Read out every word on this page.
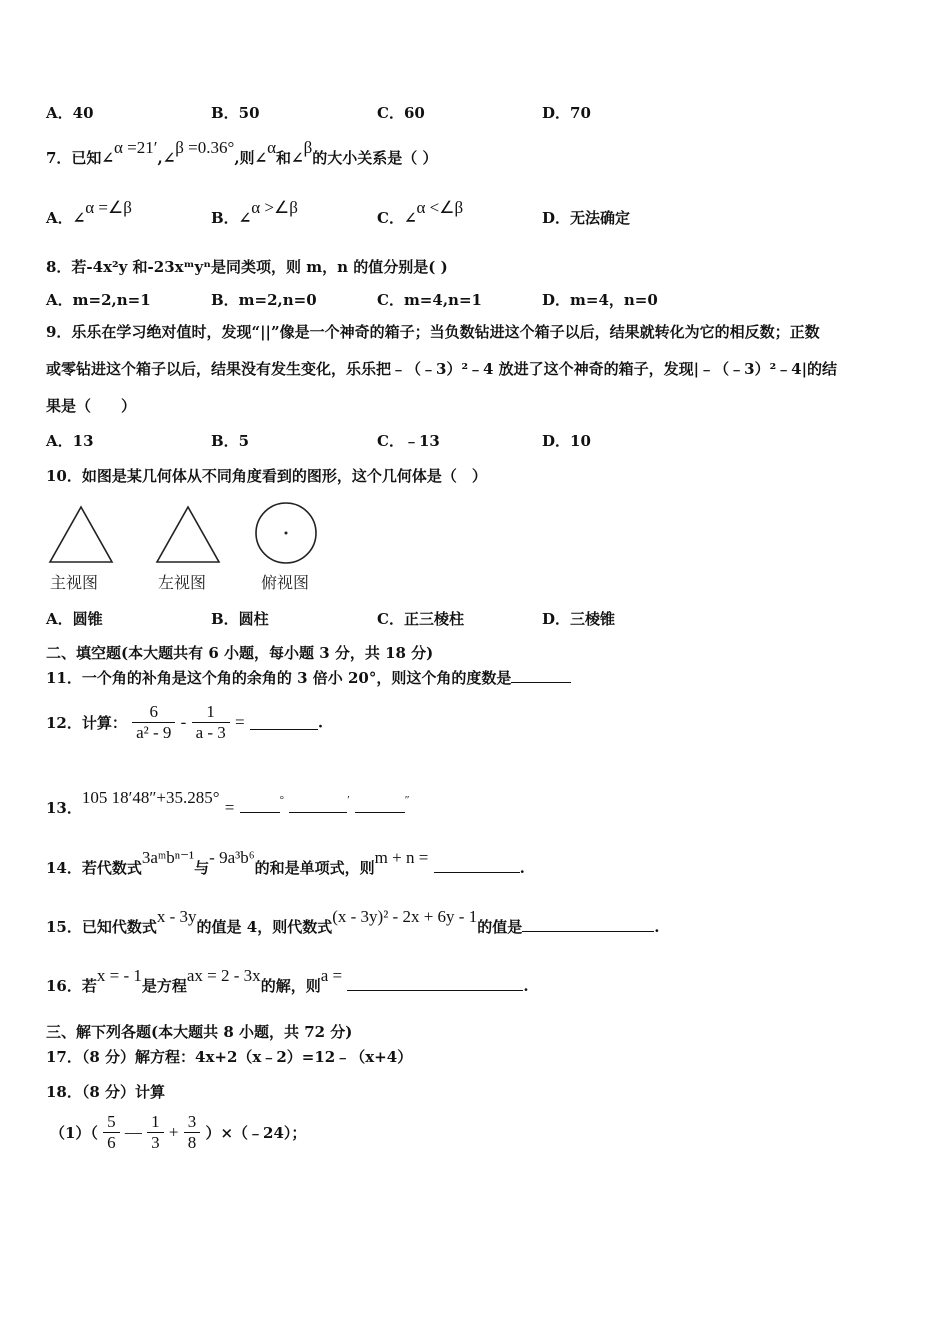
A．40	B．50	C．60	D．70
7．已知∠α =21′,∠β =0.36°,则∠α和∠β的大小关系是（ ）
A．∠α =∠β
B．∠α >∠β
C．∠α <∠β
D．无法确定
8．若-4x²y 和-23xᵐyⁿ是同类项，则 m，n 的值分别是( )
A．m=2,n=1	B．m=2,n=0	C．m=4,n=1	D．m=4，n=0
9．乐乐在学习绝对值时，发现“||”像是一个神奇的箱子；当负数钻进这个箱子以后，结果就转化为它的相反数；正数
或零钻进这个箱子以后，结果没有发生变化，乐乐把﹣（﹣3）²﹣4 放进了这个神奇的箱子，发现|﹣（﹣3）²﹣4|的结
果是（　　）
A．13	B．5	C．﹣13	D．10
10．如图是某几何体从不同角度看到的图形，这个几何体是（　）
主视图	左视图	俯视图
A．圆锥	B．圆柱	C．正三棱柱	D．三棱锥
二、填空题(本大题共有 6 小题，每小题 3 分，共 18 分)
11．一个角的补角是这个角的余角的 3 倍小 20°，则这个角的度数是
12．计算： $\frac{6}{\text{a² - 9}} - \frac{1}{a - 3}$ =	.
13．105 18′48″+35.285° =	°	′	″
14．若代数式3aᵐbⁿ⁻¹与- 9a³b⁶的和是单项式，则m + n = .
15．已知代数式x - 3y的值是 4，则代数式(x - 3y)² - 2x + 6y - 1的值是	.
16．若x = - 1是方程ax = 2 - 3x的解，则a = .
三、解下列各题(本大题共 8 小题，共 72 分)
17．（8 分）解方程：4x+2（x﹣2）=12﹣（x+4）
18．（8 分）计算
$(1)( \frac{5}{6}$ — $\frac{1}{3} + \frac{3}{8}$ ）×（﹣24）；
